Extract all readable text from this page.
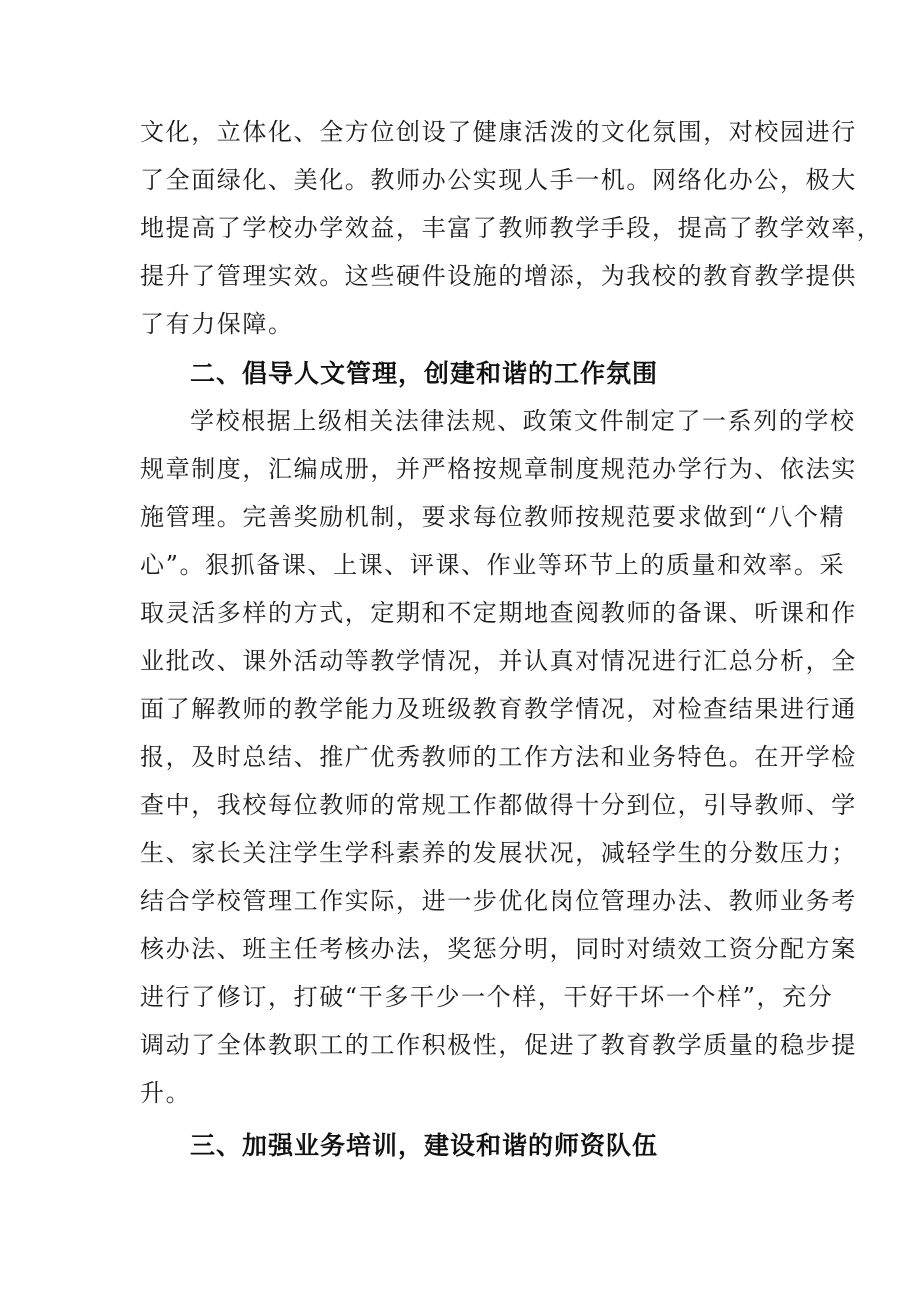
文化，立体化、全方位创设了健康活泼的文化氛围，对校园进行
了全面绿化、美化。教师办公实现人手一机。网络化办公，极大
地提高了学校办学效益，丰富了教师教学手段，提高了教学效率，
提升了管理实效。这些硬件设施的增添，为我校的教育教学提供
了有力保障。
二、倡导人文管理，创建和谐的工作氛围
学校根据上级相关法律法规、政策文件制定了一系列的学校
规章制度，汇编成册，并严格按规章制度规范办学行为、依法实
施管理。完善奖励机制，要求每位教师按规范要求做到“八个精
心”。狠抓备课、上课、评课、作业等环节上的质量和效率。采
取灵活多样的方式，定期和不定期地查阅教师的备课、听课和作
业批改、课外活动等教学情况，并认真对情况进行汇总分析，全
面了解教师的教学能力及班级教育教学情况，对检查结果进行通
报，及时总结、推广优秀教师的工作方法和业务特色。在开学检
查中，我校每位教师的常规工作都做得十分到位，引导教师、学
生、家长关注学生学科素养的发展状况，减轻学生的分数压力；
结合学校管理工作实际，进一步优化岗位管理办法、教师业务考
核办法、班主任考核办法，奖惩分明，同时对绩效工资分配方案
进行了修订，打破“干多干少一个样，干好干坏一个样”，充分
调动了全体教职工的工作积极性，促进了教育教学质量的稳步提
升。
三、加强业务培训，建设和谐的师资队伍
